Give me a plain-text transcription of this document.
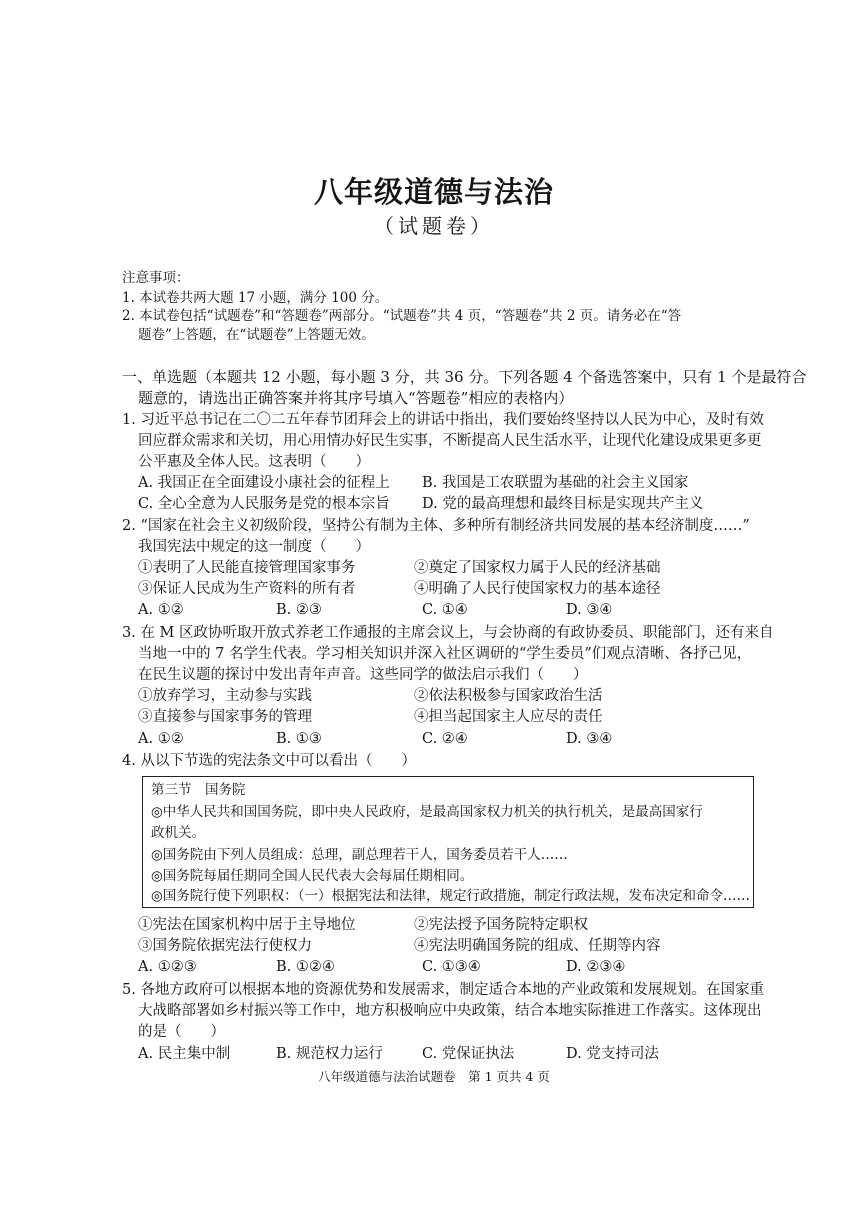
八年级道德与法治
（试题卷）
注意事项：
1. 本试卷共两大题 17 小题，满分 100 分。
2. 本试卷包括“试题卷”和“答题卷”两部分。“试题卷”共 4 页，“答题卷”共 2 页。请务必在“答
题卷”上答题，在“试题卷”上答题无效。
一、单选题（本题共 12 小题，每小题 3 分，共 36 分。下列各题 4 个备选答案中，只有 1 个是最符合
题意的，请选出正确答案并将其序号填入“答题卷”相应的表格内）
1. 习近平总书记在二〇二五年春节团拜会上的讲话中指出，我们要始终坚持以人民为中心，及时有效
回应群众需求和关切，用心用情办好民生实事，不断提高人民生活水平，让现代化建设成果更多更
公平惠及全体人民。这表明（　　）
A. 我国正在全面建设小康社会的征程上 B. 我国是工农联盟为基础的社会主义国家
C. 全心全意为人民服务是党的根本宗旨 D. 党的最高理想和最终目标是实现共产主义
2. “国家在社会主义初级阶段，坚持公有制为主体、多种所有制经济共同发展的基本经济制度……”
我国宪法中规定的这一制度（　　）
①表明了人民能直接管理国家事务	②奠定了国家权力属于人民的经济基础
③保证人民成为生产资料的所有者	④明确了人民行使国家权力的基本途径
A. ①②	B. ②③	C. ①④	D. ③④
3. 在 M 区政协听取开放式养老工作通报的主席会议上，与会协商的有政协委员、职能部门，还有来自
当地一中的 7 名学生代表。学习相关知识并深入社区调研的“学生委员”们观点清晰、各抒己见，
在民生议题的探讨中发出青年声音。这些同学的做法启示我们（　　）
①放弃学习，主动参与实践	②依法积极参与国家政治生活
③直接参与国家事务的管理	④担当起国家主人应尽的责任
A. ①②	B. ①③	C. ②④	D. ③④
4. 从以下节选的宪法条文中可以看出（　　）
第三节　国务院
◎中华人民共和国国务院，即中央人民政府，是最高国家权力机关的执行机关，是最高国家行
政机关。
◎国务院由下列人员组成：总理，副总理若干人，国务委员若干人……
◎国务院每届任期同全国人民代表大会每届任期相同。
◎国务院行使下列职权：（一）根据宪法和法律，规定行政措施，制定行政法规，发布决定和命令……
①宪法在国家机构中居于主导地位	②宪法授予国务院特定职权
③国务院依据宪法行使权力	④宪法明确国务院的组成、任期等内容
A. ①②③	B. ①②④	C. ①③④	D. ②③④
5. 各地方政府可以根据本地的资源优势和发展需求，制定适合本地的产业政策和发展规划。在国家重
大战略部署如乡村振兴等工作中，地方积极响应中央政策，结合本地实际推进工作落实。这体现出
的是（　　）
A. 民主集中制	B. 规范权力运行	C. 党保证执法	D. 党支持司法
八年级道德与法治试题卷　第 1 页共 4 页
